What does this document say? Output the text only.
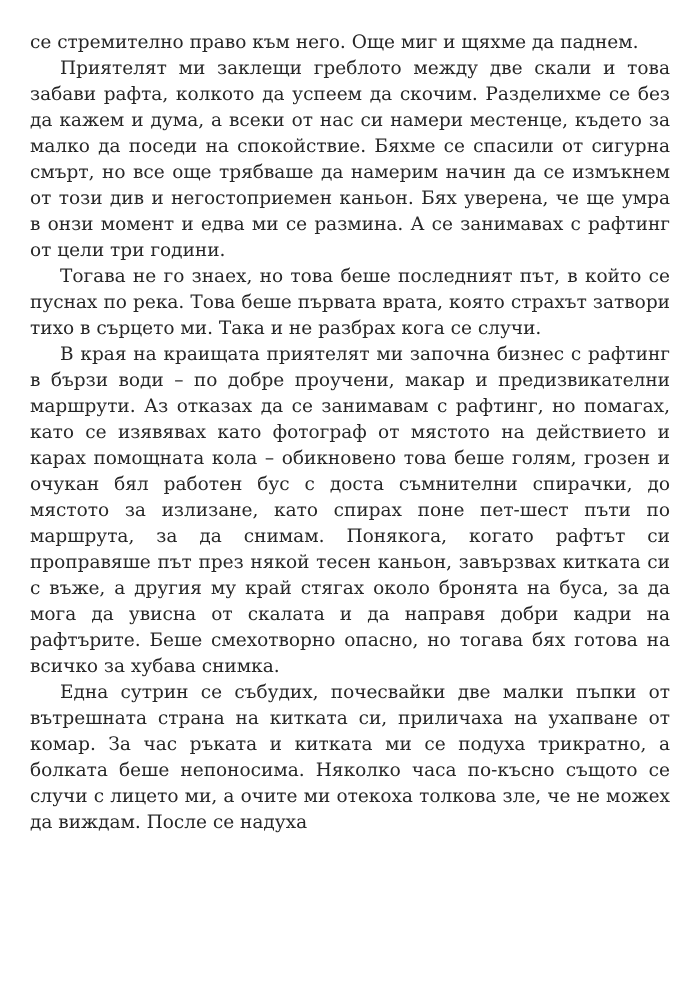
се стремително право към него. Още миг и щяхме да паднем.

Приятелят ми заклещи греблото между две скали и това забави рафта, колкото да успеем да скочим. Разделихме се без да кажем и дума, а всеки от нас си намери местенце, където за малко да поседи на спокойствие. Бяхме се спасили от сигурна смърт, но все още трябваше да намерим начин да се измъкнем от този див и негостоприемен каньон. Бях уверена, че ще умра в онзи момент и едва ми се размина. А се занимавах с рафтинг от цели три години.

Тогава не го знаех, но това беше последният път, в който се пуснах по река. Това беше първата врата, която страхът затвори тихо в сърцето ми. Така и не разбрах кога се случи.

В края на краищата приятелят ми започна бизнес с рафтинг в бързи води – по добре проучени, макар и предизвикателни маршрути. Аз отказах да се занимавам с рафтинг, но помагах, като се изявявах като фотограф от мястото на действието и карах помощната кола – обикновено това беше голям, грозен и очукан бял работен бус с доста съмнителни спирачки, до мястото за излизане, като спирах поне пет-шест пъти по маршрута, за да снимам. Понякога, когато рафтът си проправяше път през някой тесен каньон, завързвах китката си с въже, а другия му край стягах около бронята на буса, за да мога да увисна от скалата и да направя добри кадри на рафтърите. Беше смехотворно опасно, но тогава бях готова на всичко за хубава снимка.

Една сутрин се събудих, почесвайки две малки пъпки от вътрешната страна на китката си, приличаха на ухапване от комар. За час ръката и китката ми се подуха трикратно, а болката беше непоносима. Няколко часа по-късно същото се случи с лицето ми, а очите ми отекоха толкова зле, че не можех да виждам. После се надуха
